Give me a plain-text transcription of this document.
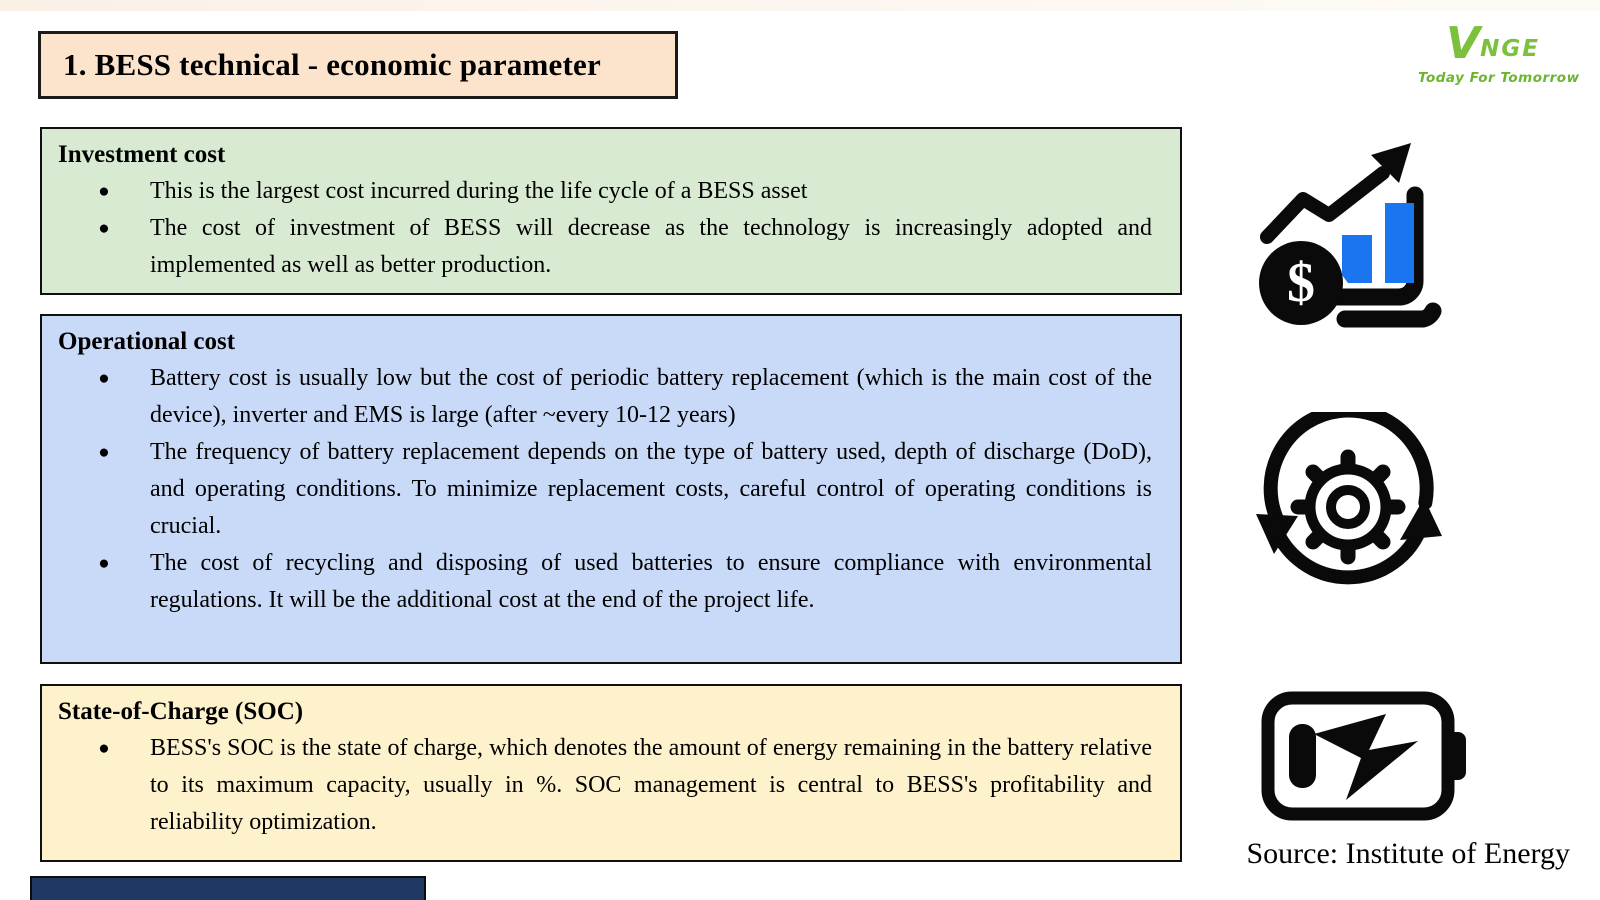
1. BESS technical - economic parameter	V NGE
Today For Tomorrow
Investment cost
●	This is the largest cost incurred during the life cycle of a BESS asset
●	The cost of investment of BESS will decrease as the technology is increasingly adopted and implemented as well as better production.
Operational cost
●	Battery cost is usually low but the cost of periodic battery replacement (which is the main cost of the device), inverter and EMS is large (after ~every 10-12 years)
●	The frequency of battery replacement depends on the type of battery used, depth of discharge (DoD), and operating conditions. To minimize replacement costs, careful control of operating conditions is crucial.
●	The cost of recycling and disposing of used batteries to ensure compliance with environmental regulations. It will be the additional cost at the end of the project life.
State-of-Charge (SOC)
●	BESS's SOC is the state of charge, which denotes the amount of energy remaining in the battery relative to its maximum capacity, usually in %. SOC management is central to BESS's profitability and reliability optimization.
$
Source: Institute of Energy
